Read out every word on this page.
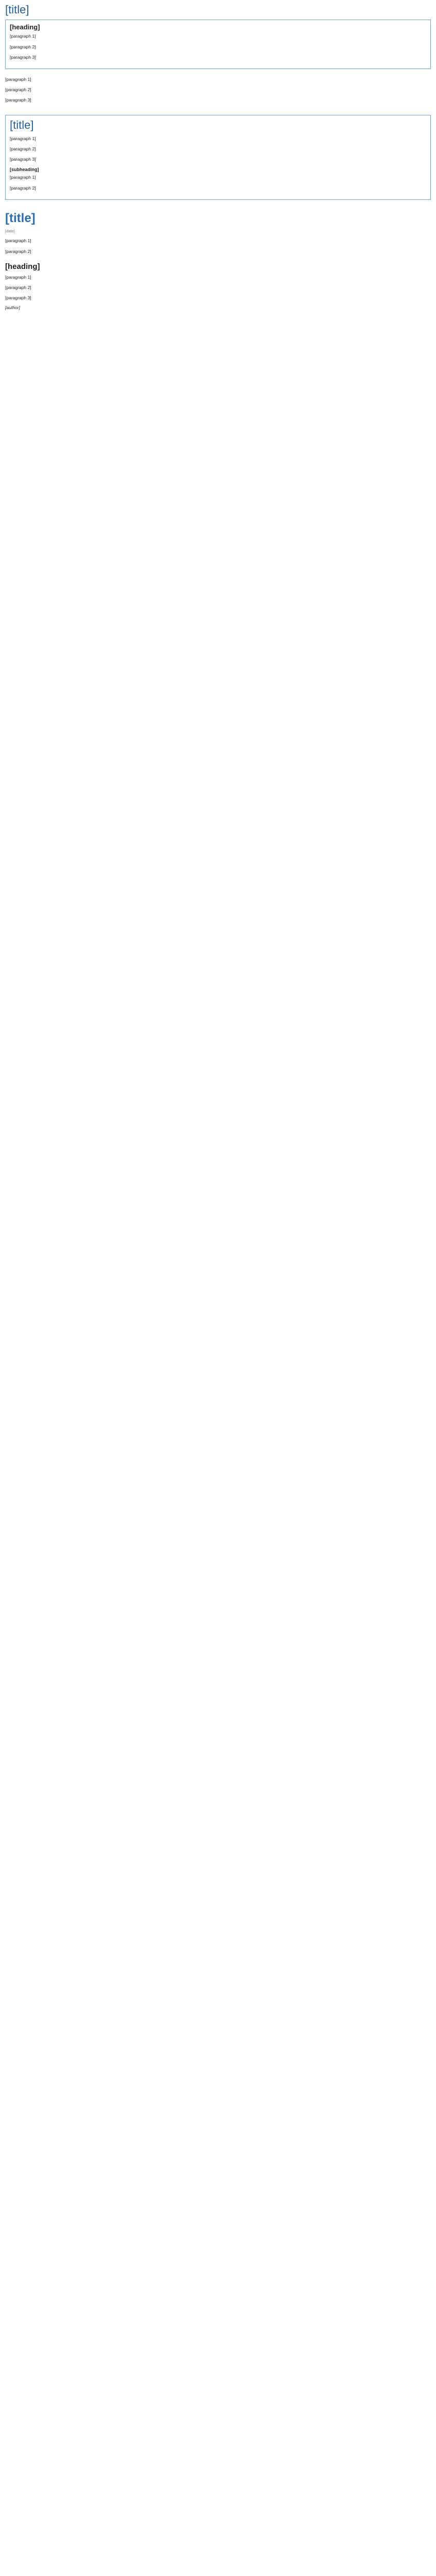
[title]
[heading]

[paragraph 1]

[paragraph 2]

[paragraph 3]

[paragraph 1]

[paragraph 2]

[paragraph 3]

[title]

[paragraph 1]

[paragraph 2]

[paragraph 3]

[subheading]

[paragraph 1]

[paragraph 2]

[title]
[date]

[paragraph 1]

[paragraph 2]

[heading]

[paragraph 1]

[paragraph 2]

[paragraph 3]

[author]
